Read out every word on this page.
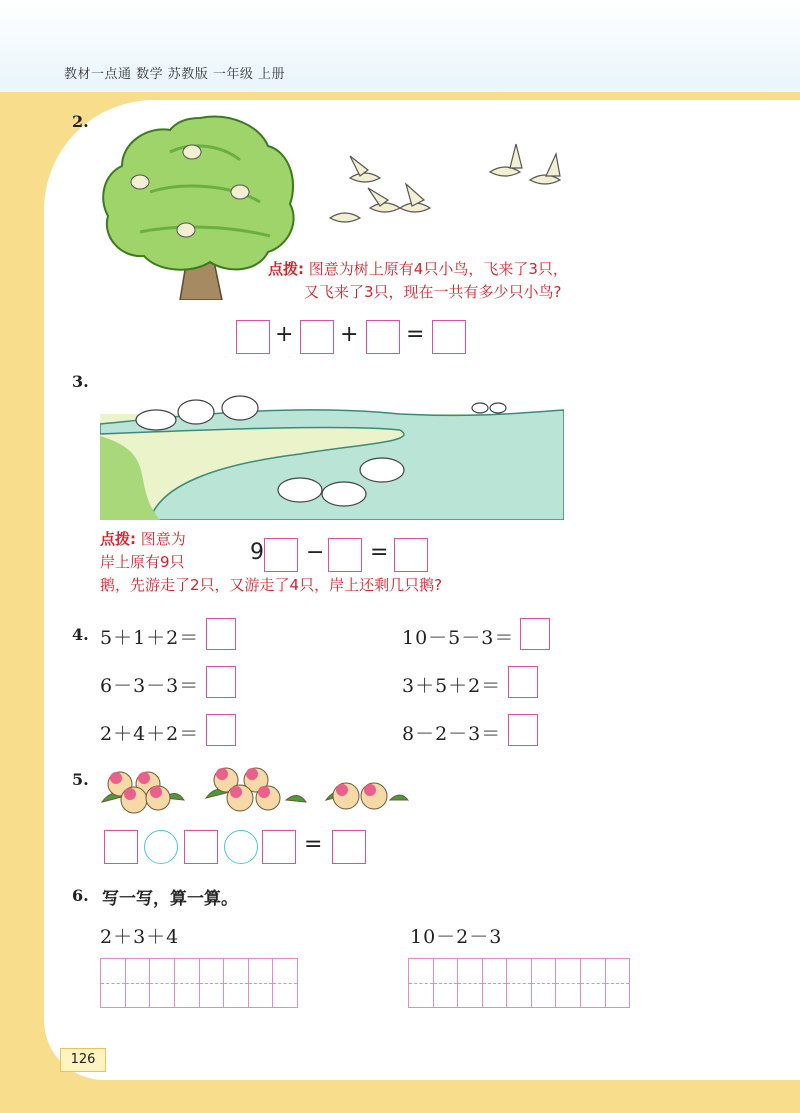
教材一点通 数学 苏教版 一年级 上册
2.
点拨: 图意为树上原有4只小鸟，飞来了3只，
又飞来了3只，现在一共有多少只小鸟?
+ + =
3.
点拨: 图意为
岸上原有9只
鹅，先游走了2只，又游走了4只，岸上还剩几只鹅?
9 − =
4. 5＋1＋2＝	10－5－3＝
6－3－3＝	3＋5＋2＝
2＋4＋2＝	8－2－3＝
5.
=
6. 写一写，算一算。
2＋3＋4	10－2－3
126
